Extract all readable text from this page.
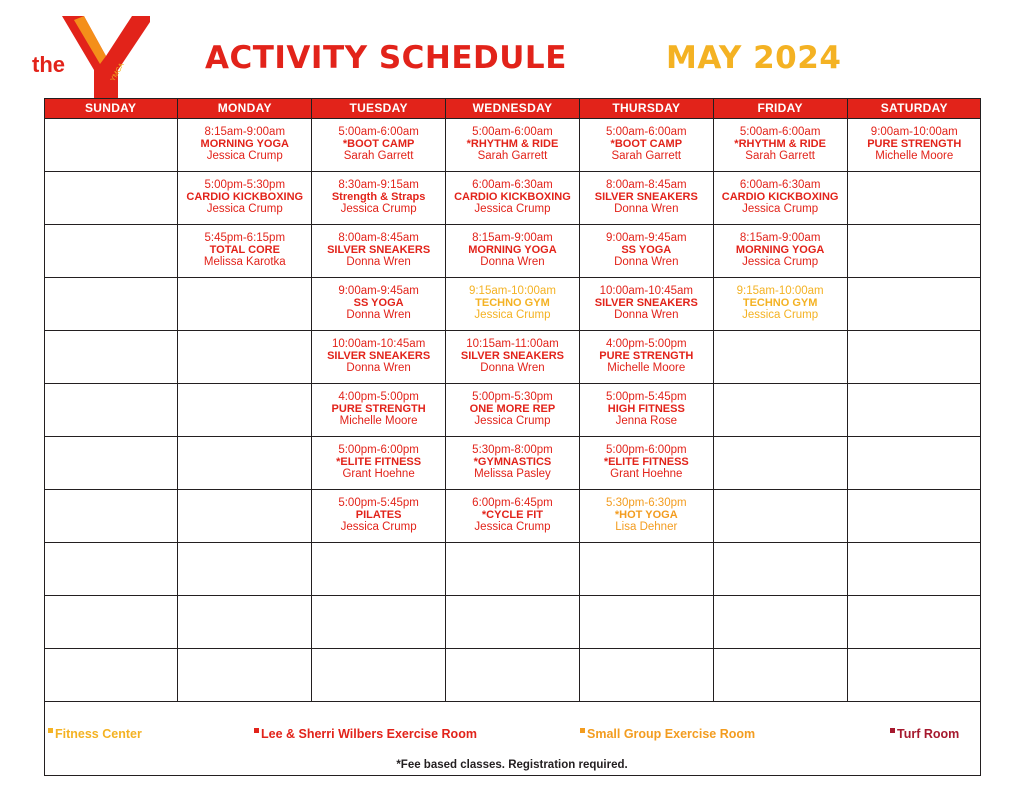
the	YMCA	ACTIVITY SCHEDULE	MAY 2024
SUNDAY	MONDAY	TUESDAY	WEDNESDAY	THURSDAY	FRIDAY	SATURDAY

	8:15am-9:00am
MORNING YOGA
Jessica Crump	5:00am-6:00am
*BOOT CAMP
Sarah Garrett	5:00am-6:00am
*RHYTHM & RIDE
Sarah Garrett	5:00am-6:00am
*BOOT CAMP
Sarah Garrett	5:00am-6:00am
*RHYTHM & RIDE
Sarah Garrett	9:00am-10:00am
PURE STRENGTH
Michelle Moore

	5:00pm-5:30pm
CARDIO KICKBOXING
Jessica Crump	8:30am-9:15am
Strength & Straps
Jessica Crump	6:00am-6:30am
CARDIO KICKBOXING
Jessica Crump	8:00am-8:45am
SILVER SNEAKERS
Donna Wren	6:00am-6:30am
CARDIO KICKBOXING
Jessica Crump	

	5:45pm-6:15pm
TOTAL CORE
Melissa Karotka	8:00am-8:45am
SILVER SNEAKERS
Donna Wren	8:15am-9:00am
MORNING YOGA
Donna Wren	9:00am-9:45am
SS YOGA
Donna Wren	8:15am-9:00am
MORNING YOGA
Jessica Crump	

		9:00am-9:45am
SS YOGA
Donna Wren	9:15am-10:00am
TECHNO GYM
Jessica Crump	10:00am-10:45am
SILVER SNEAKERS
Donna Wren	9:15am-10:00am
TECHNO GYM
Jessica Crump	

		10:00am-10:45am
SILVER SNEAKERS
Donna Wren	10:15am-11:00am
SILVER SNEAKERS
Donna Wren	4:00pm-5:00pm
PURE STRENGTH
Michelle Moore		

		4:00pm-5:00pm
PURE STRENGTH
Michelle Moore	5:00pm-5:30pm
ONE MORE REP
Jessica Crump	5:00pm-5:45pm
HIGH FITNESS
Jenna Rose		

		5:00pm-6:00pm
*ELITE FITNESS
Grant Hoehne	5:30pm-8:00pm
*GYMNASTICS
Melissa Pasley	5:00pm-6:00pm
*ELITE FITNESS
Grant Hoehne		

		5:00pm-5:45pm
PILATES
Jessica Crump	6:00pm-6:45pm
*CYCLE FIT
Jessica Crump	5:30pm-6:30pm
*HOT YOGA
Lisa Dehner		

Fitness Center	Lee & Sherri Wilbers Exercise Room	Small Group Exercise Room	Turf Room
*Fee based classes. Registration required.
